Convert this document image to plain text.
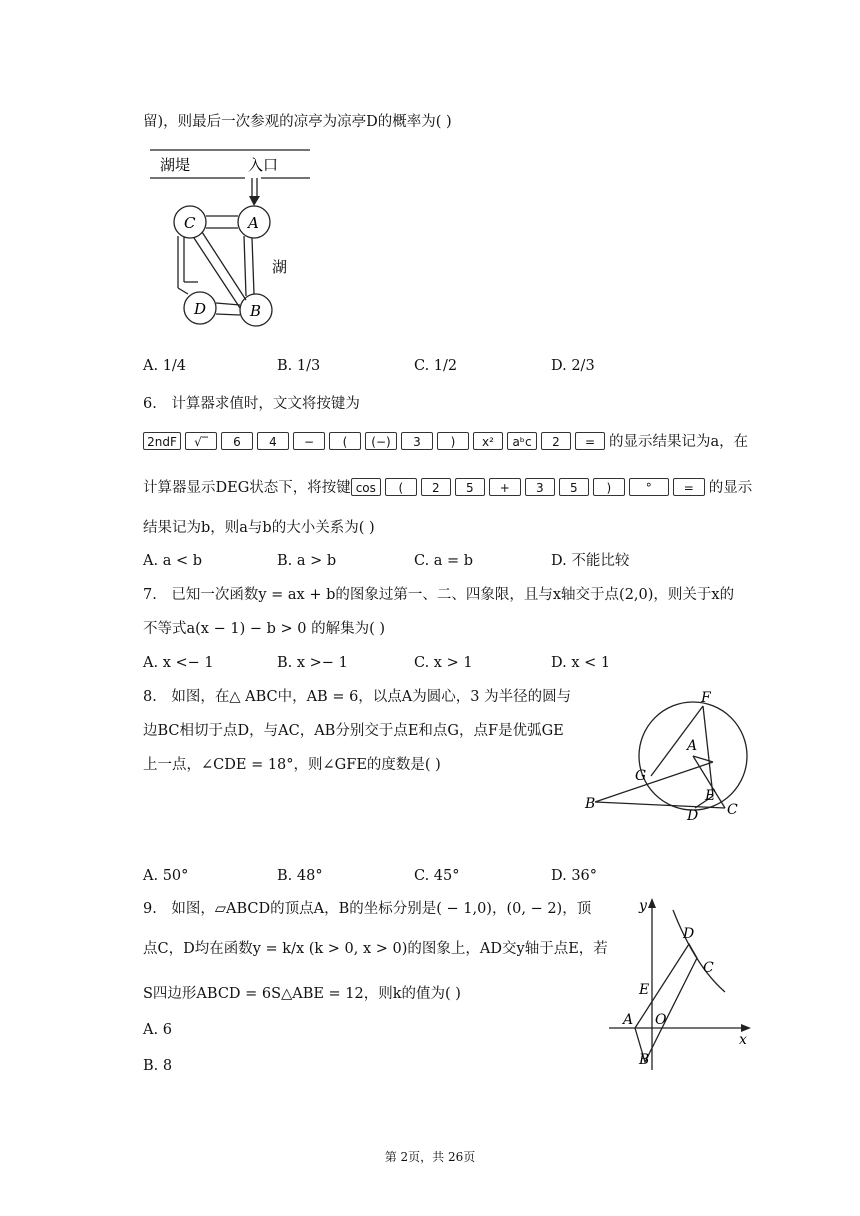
留)，则最后一次参观的凉亭为凉亭D的概率为( )
湖堤	入口
C	A
D	B
湖
A. 1/4	B. 1/3	C. 1/2	D. 2/3
6.　计算器求值时，文文将按键为
2ndF	√‾	6	4	−	(	(−)	3	)	x²	aᵇc	2	= 的显示结果记为a，在
计算器显示DEG状态下，将按键 cos	(	2	5	+	3	5	)	°	=	的显示
结果记为b，则a与b的大小关系为( )
A. a < b	B. a > b	C. a = b	D. 不能比较
7.　已知一次函数y = ax + b的图象过第一、二、四象限，且与x轴交于点(2,0)，则关于x的
不等式a(x − 1) − b > 0 的解集为( )
A. x <− 1	B. x >− 1	C. x > 1	D. x < 1
8.　如图，在△ ABC中，AB = 6，以点A为圆心，3 为半径的圆与
边BC相切于点D，与AC，AB分别交于点E和点G，点F是优弧GE
上一点，∠CDE = 18°，则∠GFE的度数是( )
F
A
G
E
B
D C
A. 50°	B. 48°	C. 45°	D. 36°
9.　如图，▱ABCD的顶点A，B的坐标分别是( − 1,0)，(0, − 2)，顶
点C，D均在函数y = k/x (k > 0, x > 0)的图象上，AD交y轴于点E，若
S四边形ABCD = 6S△ABE = 12，则k的值为( )
y
x
D
C
E
A O
B
A. 6
B. 8
第 2页，共 26页
